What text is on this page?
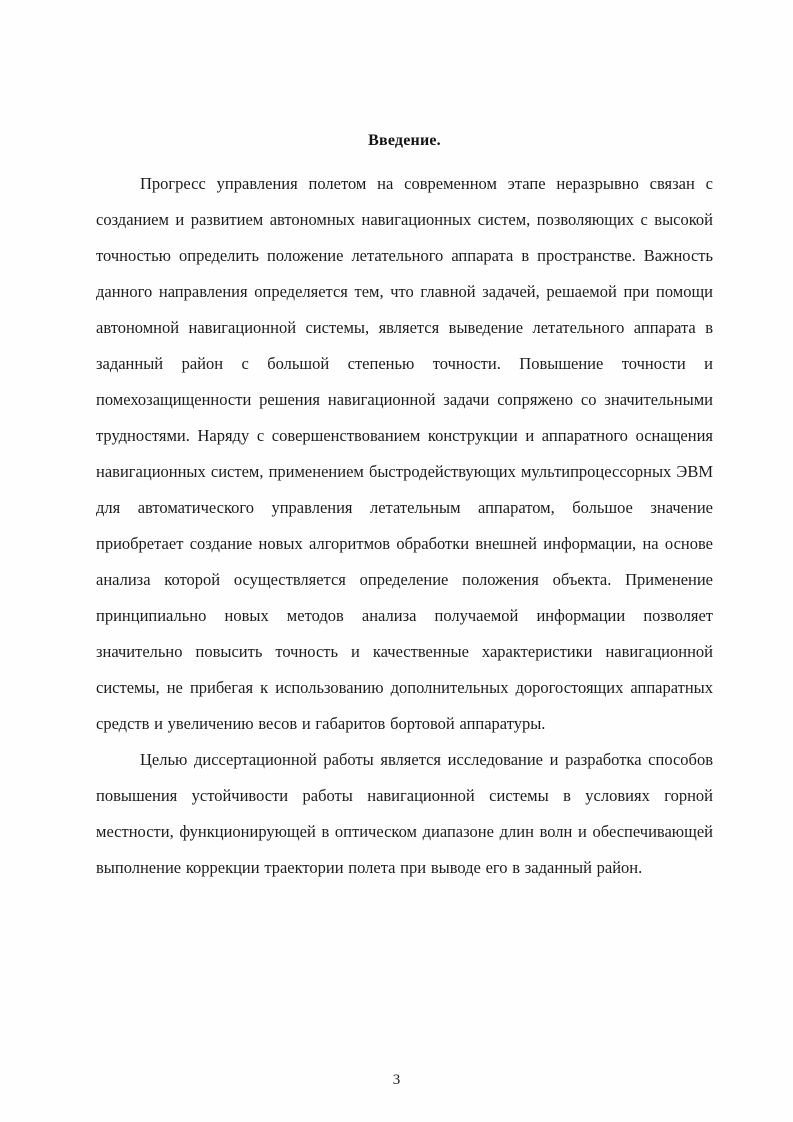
Введение.

Прогресс управления полетом на современном этапе неразрывно связан с созданием и развитием автономных навигационных систем, позволяющих с высокой точностью определить положение летательного аппарата в пространстве. Важность данного направления определяется тем, что главной задачей, решаемой при помощи автономной навигационной системы, является выведение летательного аппарата в заданный район с большой степенью точности. Повышение точности и помехозащищенности решения навигационной задачи сопряжено со значительными трудностями. Наряду с совершенствованием конструкции и аппаратного оснащения навигационных систем, применением быстродействующих мультипроцессорных ЭВМ для автоматического управления летательным аппаратом, большое значение приобретает создание новых алгоритмов обработки внешней информации, на основе анализа которой осуществляется определение положения объекта. Применение принципиально новых методов анализа получаемой информации позволяет значительно повысить точность и качественные характеристики навигационной системы, не прибегая к использованию дополнительных дорогостоящих аппаратных средств и увеличению весов и габаритов бортовой аппаратуры.

Целью диссертационной работы является исследование и разработка способов повышения устойчивости работы навигационной системы в условиях горной местности, функционирующей в оптическом диапазоне длин волн и обеспечивающей выполнение коррекции траектории полета при выводе его в заданный район.

3
